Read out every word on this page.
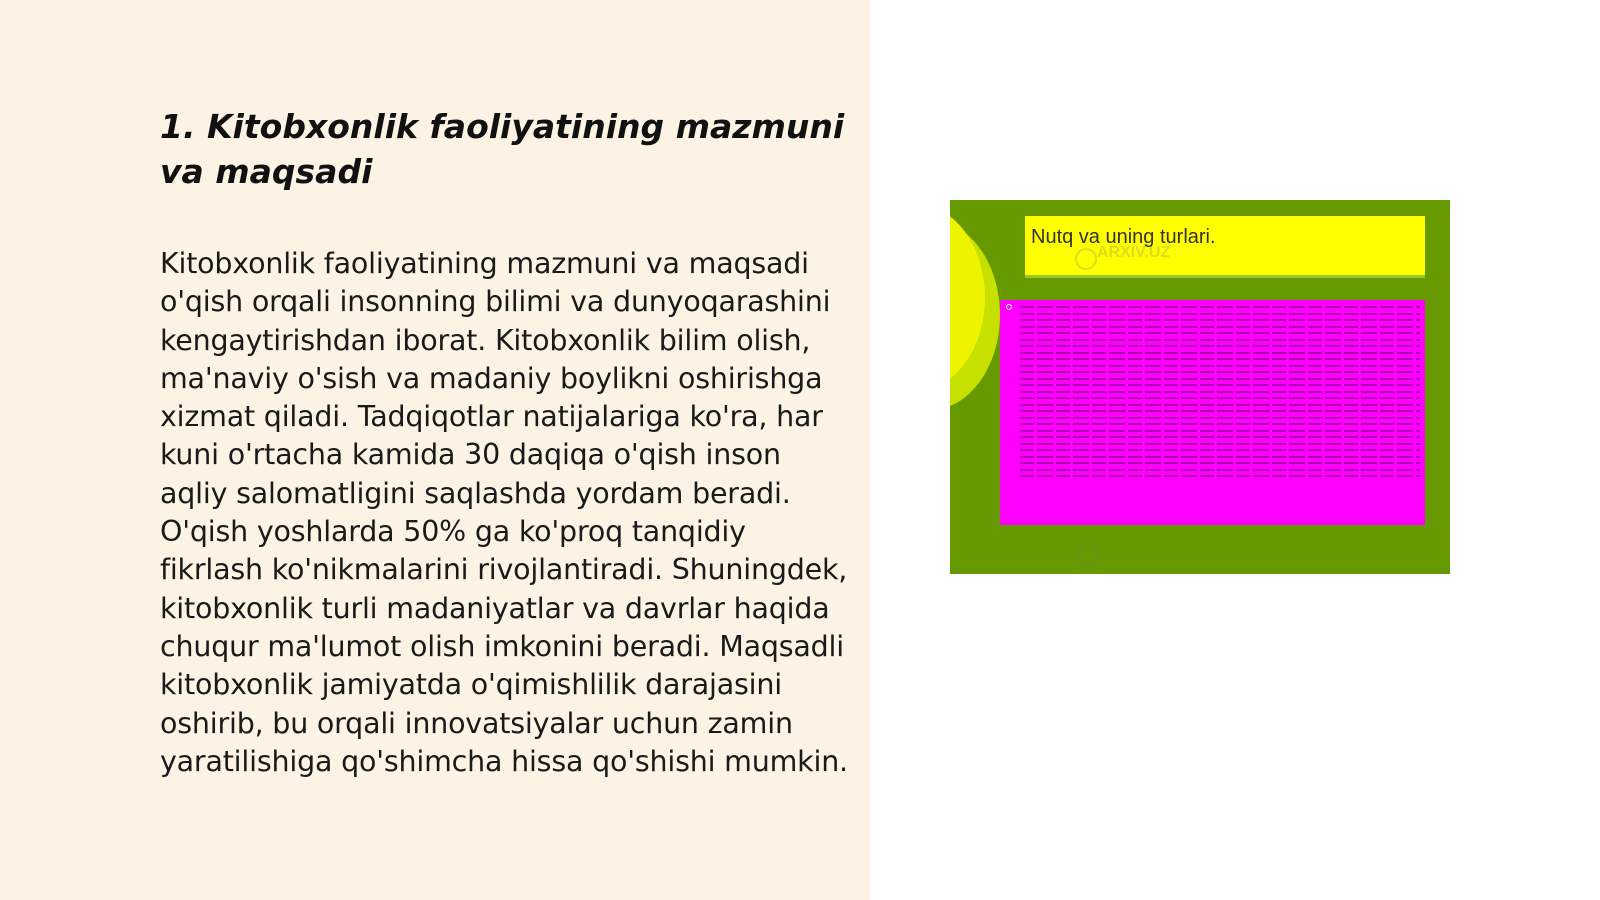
1. Kitobxonlik faoliyatining mazmuni va maqsadi

Kitobxonlik faoliyatining mazmuni va maqsadi o'qish orqali insonning bilimi va dunyoqarashini kengaytirishdan iborat. Kitobxonlik bilim olish, ma'naviy o'sish va madaniy boylikni oshirishga xizmat qiladi. Tadqiqotlar natijalariga ko'ra, har kuni o'rtacha kamida 30 daqiqa o'qish inson aqliy salomatligini saqlashda yordam beradi. O'qish yoshlarda 50% ga ko'proq tanqidiy fikrlash ko'nikmalarini rivojlantiradi. Shuningdek, kitobxonlik turli madaniyatlar va davrlar haqida chuqur ma'lumot olish imkonini beradi. Maqsadli kitobxonlik jamiyatda o'qimishlilik darajasini oshirib, bu orqali innovatsiyalar uchun zamin yaratilishiga qo'shimcha hissa qo'shishi mumkin.

Nutq va uning turlari.
ARXIV.UZ
